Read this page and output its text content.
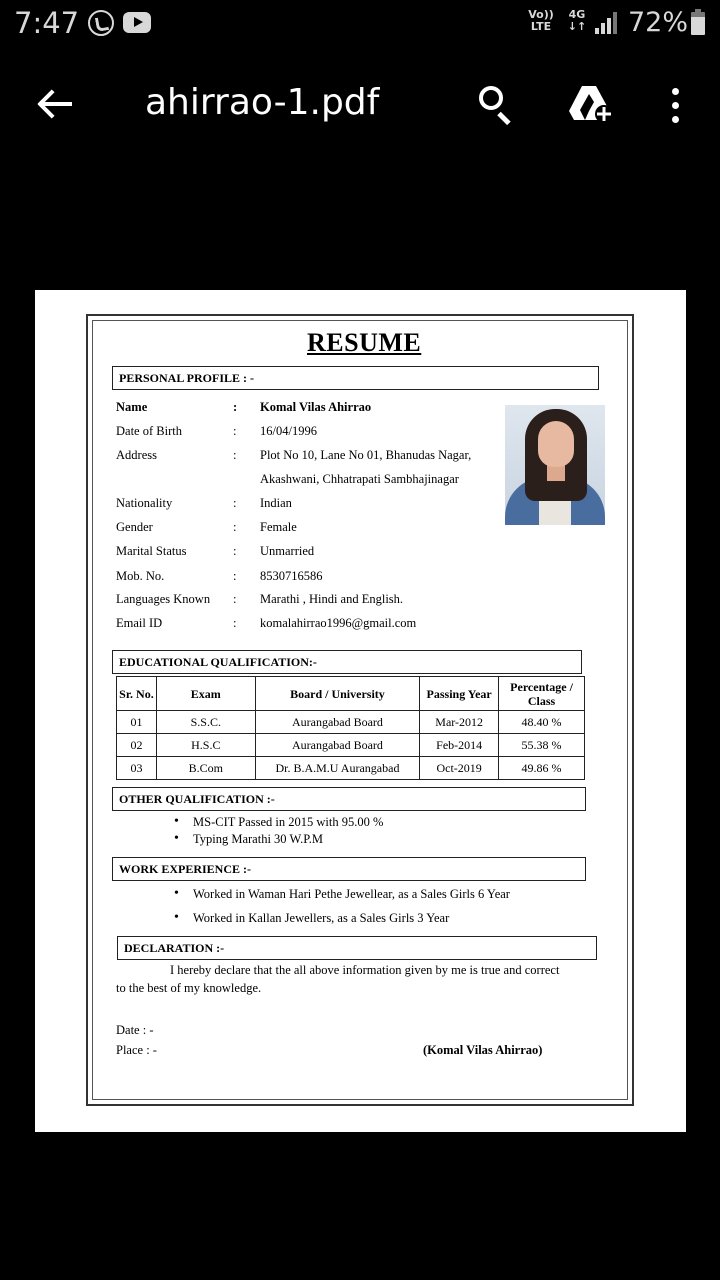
7:47	Vo))
LTE
4G
↓↑ 72%
ahirrao-1.pdf
RESUME
PERSONAL PROFILE : -
Name	: Komal Vilas Ahirrao
Date of Birth	: 16/04/1996
Address	: Plot No 10, Lane No 01, Bhanudas Nagar,
Akashwani, Chhatrapati Sambhajinagar
Nationality	: Indian
Gender	: Female
Marital Status	: Unmarried
Mob. No.	: 8530716586
Languages Known : Marathi , Hindi and English.
Email ID	: komalahirrao1996@gmail.com
EDUCATIONAL QUALIFICATION:-
Sr. No.	Exam	Board / University	Passing Year	Percentage / Class
01	S.S.C.	Aurangabad Board	Mar-2012	48.40 %
02	H.S.C	Aurangabad Board	Feb-2014	55.38 %
03	B.Com	Dr. B.A.M.U Aurangabad	Oct-2019	49.86 %
OTHER QUALIFICATION :-
• MS-CIT Passed in 2015 with 95.00 %
• Typing Marathi 30 W.P.M
WORK EXPERIENCE :-
• Worked in Waman Hari Pethe Jewellear, as a Sales Girls 6 Year
• Worked in Kallan Jewellers, as a Sales Girls 3 Year
DECLARATION :-
I hereby declare that the all above information given by me is true and correct
to the best of my knowledge.
Date : -
Place : -	(Komal Vilas Ahirrao)
